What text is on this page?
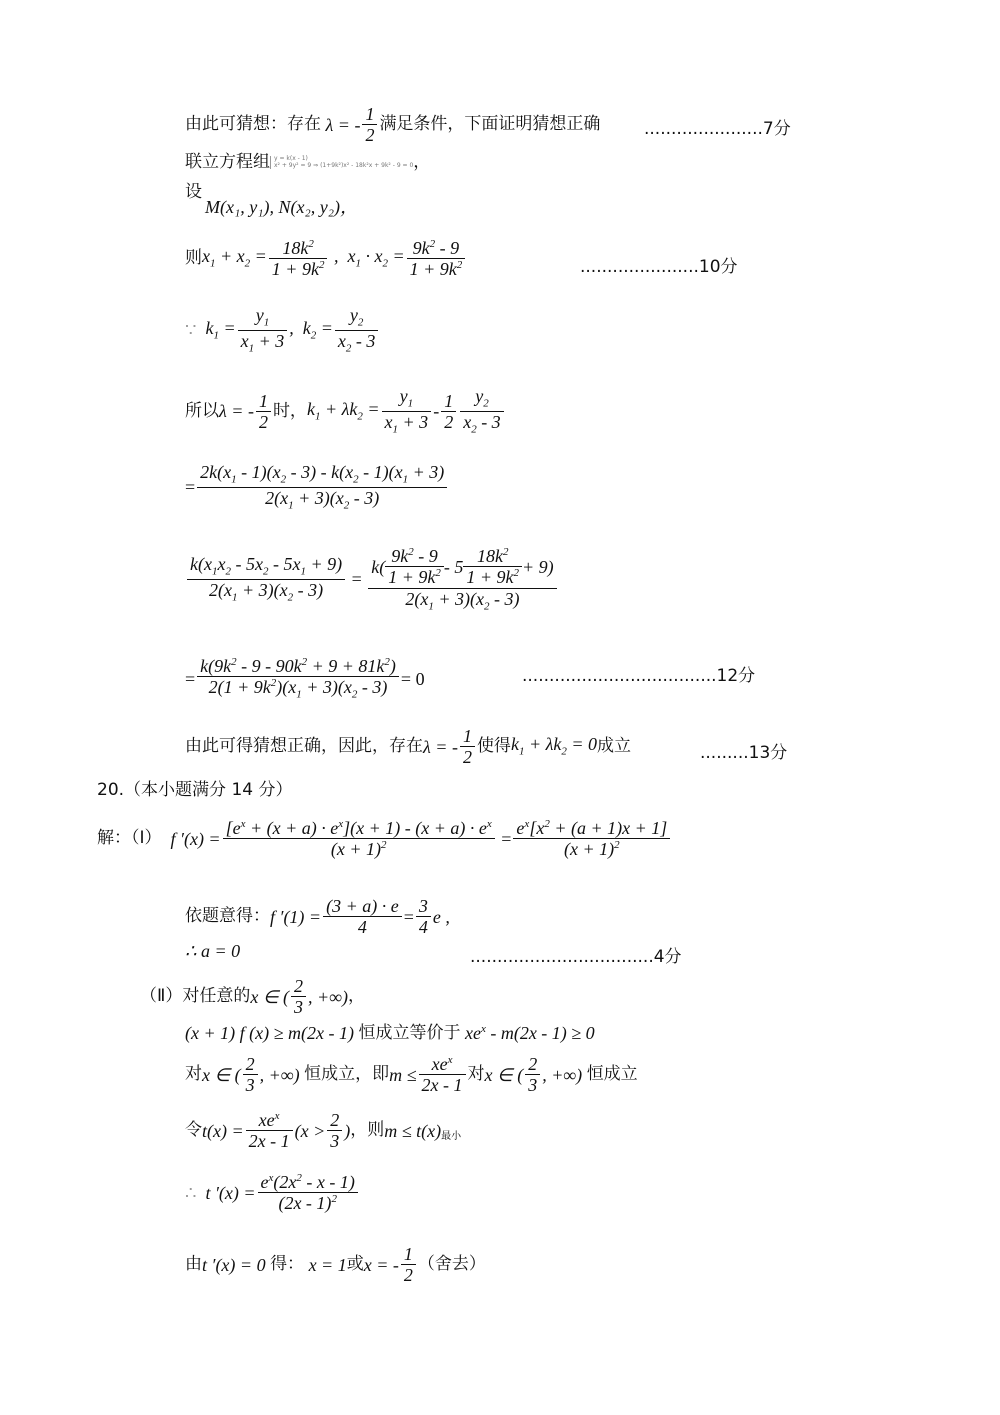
由此可猜想：存在 λ = - $\frac{1}{2}$ 满足条件，下面证明猜想正确	......................7分
联立方程组 y = k(x - 1)
x² + 9y² = 9 ⇒ (1+9k²)x² - 18k²x + 9k² - 9 = 0 ，
设
M(x₁, y₁), N(x₂, y₂)，
则 $x_1 + x_2 = \frac{18k^2}{1 + 9k^2}$ ,  $x_1 \cdot x_2 = \frac{9k^2 - 9}{1 + 9k^2}$	......................10分
∵ $k_1 = \frac{y_1}{x_1 + 3}$ ,  $k_2 = \frac{y_2}{x_2 - 3}$
所以 λ = - $\frac{1}{2}$ 时， $k_1 + \lambda k_2 = \frac{y_1}{x_1 + 3} - \frac{1}{2} \frac{y_2}{x_2 - 3}$
= $\frac{2k(x_1 - 1)(x_2 - 3) - k(x_2 - 1)(x_1 + 3)}{2(x_1 + 3)(x_2 - 3)}$
$\frac{k(x_1x_2 - 5x_2 - 5x_1 + 9)}{2(x_1 + 3)(x_2 - 3)} = \frac{k( \frac{9k^2 - 9}{1 + 9k^2} - 5 \frac{18k^2}{1 + 9k^2} + 9)}{2(x_1 + 3)(x_2 - 3)}$
= $\frac{k(9k^2 - 9 - 90k^2 + 9 + 81k^2)}{2(1 + 9k^2)(x_1 + 3)(x_2 - 3)} = 0$	....................................12分
由此可得猜想正确，因此，存在 λ = - $\frac{1}{2}$ 使得 $k_1 + \lambda k_2 = 0$ 成立	.........13分
20.（本小题满分 14 分）
解：（Ⅰ） f $'(x) = \frac{[e^x + (x + a) \cdot e^x](x + 1) - (x + a) \cdot e^x}{(x + 1)^2} = \frac{e^x[x^2 + (a + 1)x + 1]}{(x + 1)^2}$
依题意得： f $'(1) = \frac{(3 + a) \cdot e}{4} = \frac{3}{4}$ e ,
∴ a = 0	..................................4分
（Ⅱ）对任意的 x ∈ ( $\frac{2}{3}$ , +∞) ，
(x + 1) f (x) ≥ m(2x - 1) 恒成立等价于 $xe^x - m(2x - 1) \ge 0$
对 x ∈ ( $\frac{2}{3}$ , +∞) 恒成立，即 $m \le \frac{xe^x}{2x - 1}$ 对 x ∈ ( $\frac{2}{3}$ , +∞) 恒成立
令 $t(x) = \frac{xe^x}{2x - 1} (x > \frac{2}{3}$ ) ，则 m ≤ t(x) 最小
∴ t $'(x) = \frac{e^x(2x^2 - x - 1)}{(2x - 1)^2}$
由 t ′(x) = 0 得： x = 1 或 x = - $\frac{1}{2}$ （舍去）
